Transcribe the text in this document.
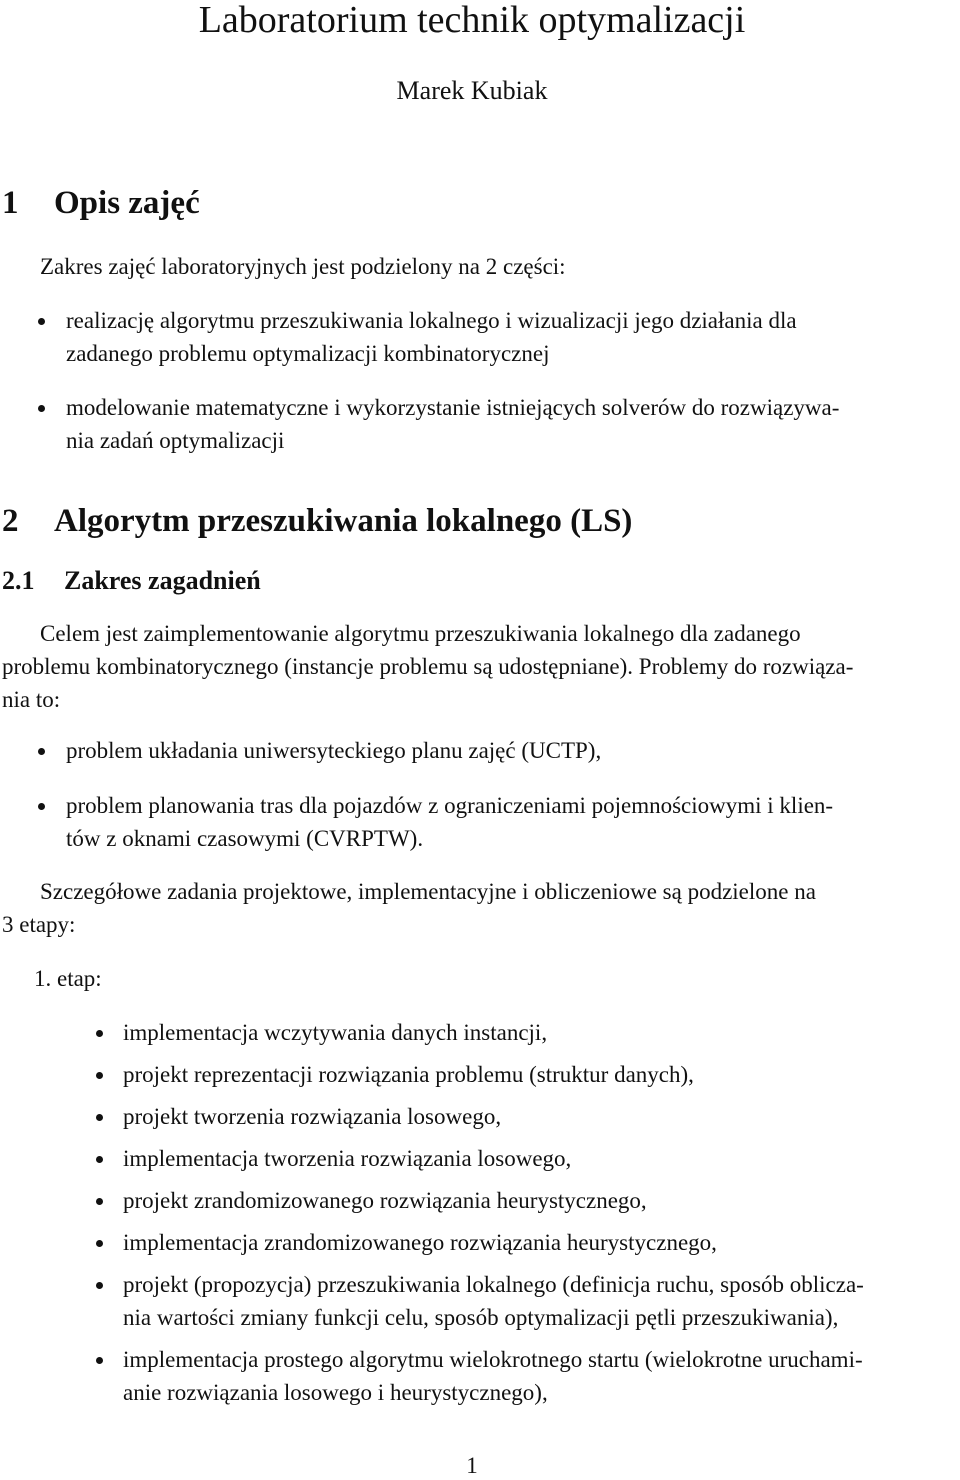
Laboratorium technik optymalizacji
Marek Kubiak
1 Opis zajęć
Zakres zajęć laboratoryjnych jest podzielony na 2 części:
realizację algorytmu przeszukiwania lokalnego i wizualizacji jego działania dla
zadanego problemu optymalizacji kombinatorycznej
modelowanie matematyczne i wykorzystanie istniejących solverów do rozwiązywa-
nia zadań optymalizacji
2 Algorytm przeszukiwania lokalnego (LS)
2.1 Zakres zagadnień
Celem jest zaimplementowanie algorytmu przeszukiwania lokalnego dla zadanego
problemu kombinatorycznego (instancje problemu są udostępniane). Problemy do rozwiąza-
nia to:
problem układania uniwersyteckiego planu zajęć (UCTP),
problem planowania tras dla pojazdów z ograniczeniami pojemnościowymi i klien-
tów z oknami czasowymi (CVRPTW).
Szczegółowe zadania projektowe, implementacyjne i obliczeniowe są podzielone na
3 etapy:
1. etap:
implementacja wczytywania danych instancji,
projekt reprezentacji rozwiązania problemu (struktur danych),
projekt tworzenia rozwiązania losowego,
implementacja tworzenia rozwiązania losowego,
projekt zrandomizowanego rozwiązania heurystycznego,
implementacja zrandomizowanego rozwiązania heurystycznego,
projekt (propozycja) przeszukiwania lokalnego (definicja ruchu, sposób oblicza-
nia wartości zmiany funkcji celu, sposób optymalizacji pętli przeszukiwania),
implementacja prostego algorytmu wielokrotnego startu (wielokrotne uruchami-
anie rozwiązania losowego i heurystycznego),
1
